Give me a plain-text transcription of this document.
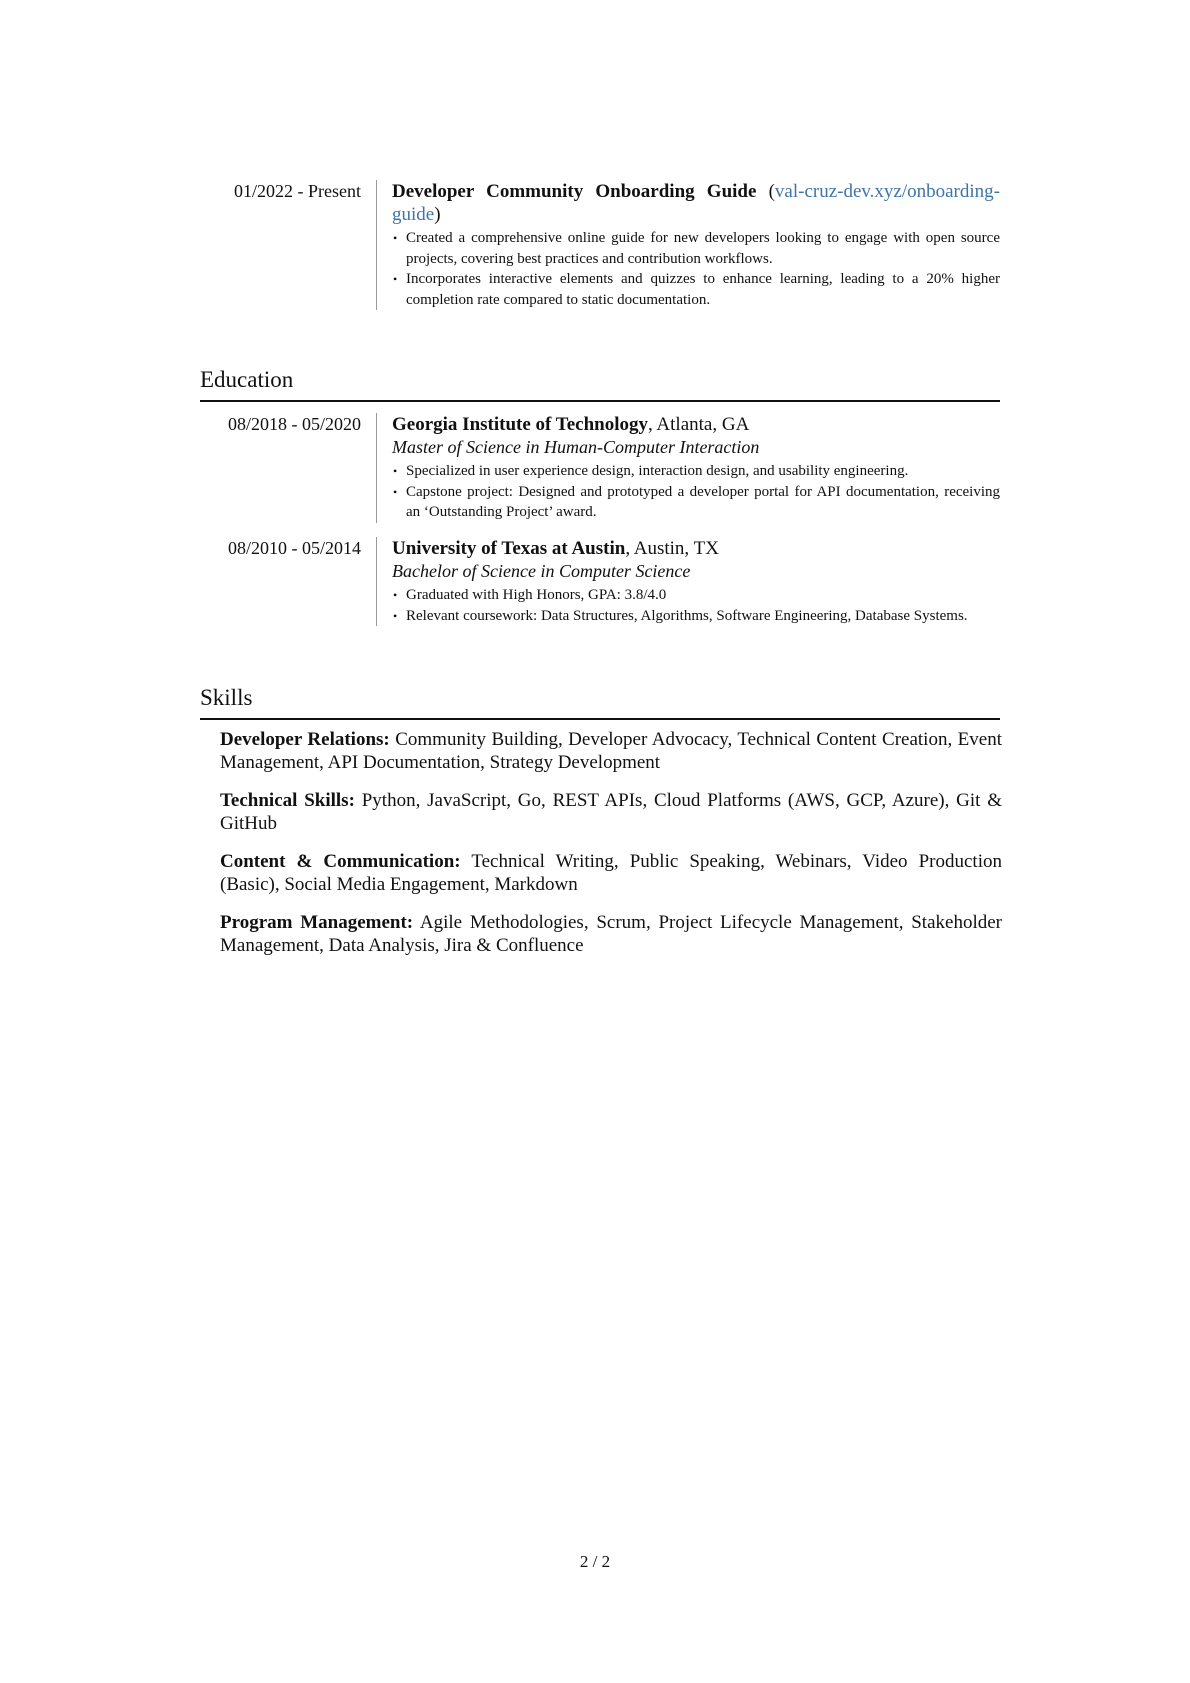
01/2022 - Present	Developer Community Onboarding Guide (val-cruz-dev.xyz/onboarding-guide)
• Created a comprehensive online guide for new developers looking to engage with open source projects, covering best practices and contribution workflows.
• Incorporates interactive elements and quizzes to enhance learning, leading to a 20% higher completion rate compared to static documentation.
Education
08/2018 - 05/2020	Georgia Institute of Technology, Atlanta, GA
Master of Science in Human-Computer Interaction
• Specialized in user experience design, interaction design, and usability engineering.
• Capstone project: Designed and prototyped a developer portal for API documentation, receiving an ‘Outstanding Project’ award.
08/2010 - 05/2014	University of Texas at Austin, Austin, TX
Bachelor of Science in Computer Science
• Graduated with High Honors, GPA: 3.8/4.0
• Relevant coursework: Data Structures, Algorithms, Software Engineering, Database Systems.
Skills
Developer Relations: Community Building, Developer Advocacy, Technical Content Creation, Event Management, API Documentation, Strategy Development
Technical Skills: Python, JavaScript, Go, REST APIs, Cloud Platforms (AWS, GCP, Azure), Git & GitHub
Content & Communication: Technical Writing, Public Speaking, Webinars, Video Production (Basic), Social Media Engagement, Markdown
Program Management: Agile Methodologies, Scrum, Project Lifecycle Management, Stakeholder Management, Data Analysis, Jira & Confluence
2 / 2
